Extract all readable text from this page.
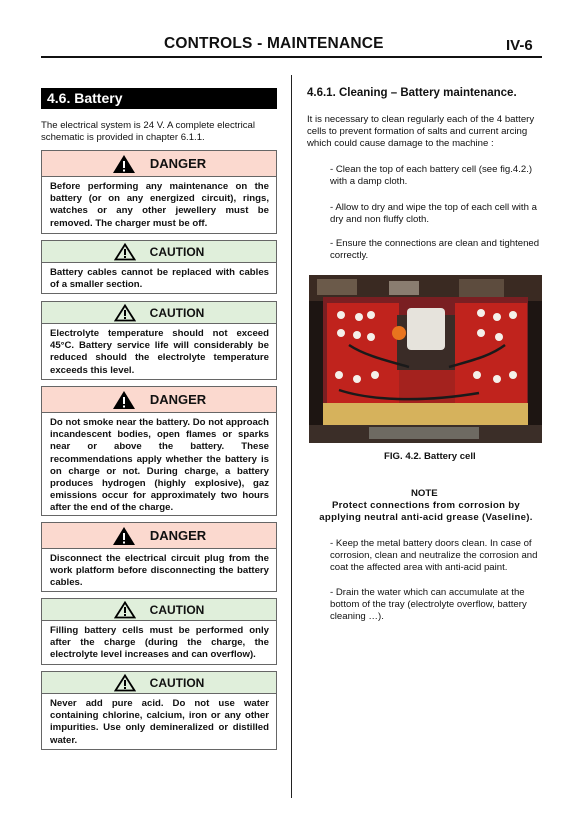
CONTROLS - MAINTENANCE	IV-6
4.6. Battery
The electrical system is 24 V. A complete electrical schematic is provided in chapter 6.1.1.
DANGER
Before performing any maintenance on the battery (or on any energized circuit), rings, watches or any other jewellery must be removed. The charger must be off.
CAUTION
Battery cables cannot be replaced with cables of a smaller section.
CAUTION
Electrolyte temperature should not exceed 45°C. Battery service life will considerably be reduced should the electrolyte temperature exceeds this level.
DANGER
Do not smoke near the battery. Do not approach incandescent bodies, open flames or sparks near or above the battery. These recommendations apply whether the battery is on charge or not. During charge, a battery produces hydrogen (highly explosive), gaz emissions occur for approximately two hours after the end of the charge.
DANGER
Disconnect the electrical circuit plug from the work platform before disconnecting the battery cables.
CAUTION
Filling battery cells must be performed only after the charge (during the charge, the electrolyte level increases and can overflow).
CAUTION
Never add pure acid. Do not use water containing chlorine, calcium, iron or any other impurities. Use only demineralized or distilled water.
4.6.1. Cleaning – Battery maintenance.
It is necessary to clean regularly each of the 4 battery cells to prevent formation of salts and current arcing which could cause damage to the machine :
- Clean the top of each battery cell (see fig.4.2.) with a damp cloth.
- Allow to dry and wipe the top of each cell with a dry and non fluffy cloth.
- Ensure the connections are clean and tightened correctly.
FIG. 4.2. Battery cell
NOTE
Protect connections from corrosion by applying neutral anti-acid grease (Vaseline).
- Keep the metal battery doors clean. In case of corrosion, clean and neutralize the corrosion and coat the affected area with anti-acid paint.
- Drain the water which can accumulate at the bottom of the tray (electrolyte overflow, battery cleaning …).
